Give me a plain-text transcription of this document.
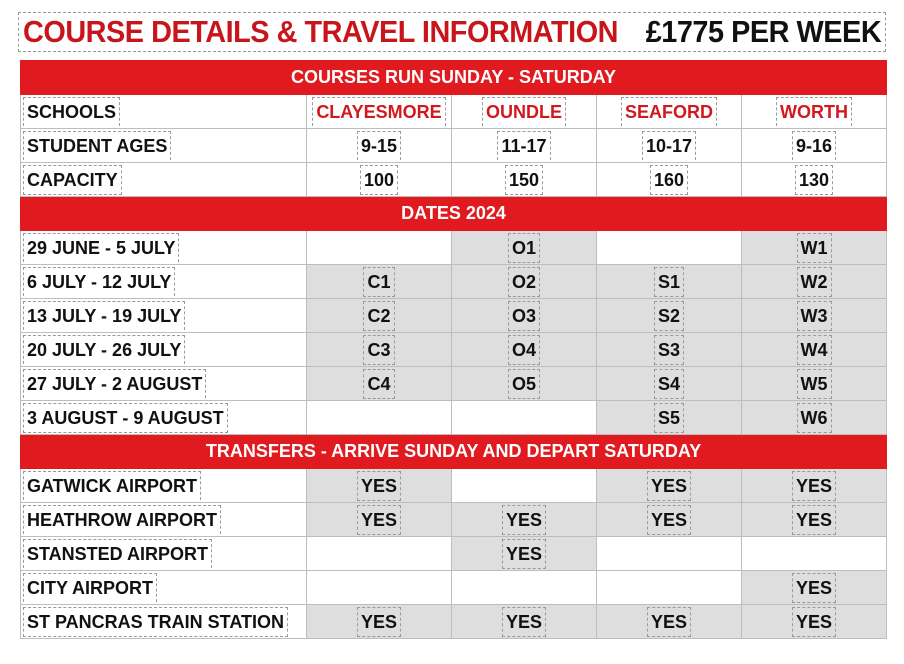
COURSE DETAILS & TRAVEL INFORMATION £1775 PER WEEK
COURSES RUN SUNDAY - SATURDAY				
SCHOOLS	CLAYESMORE	OUNDLE	SEAFORD	WORTH
STUDENT AGES	9-15	11-17	10-17	9-16
CAPACITY	100	150	160	130
DATES 2024				
29 JUNE - 5 JULY		O1		W1
6 JULY - 12 JULY	C1	O2	S1	W2
13 JULY - 19 JULY	C2	O3	S2	W3
20 JULY - 26 JULY	C3	O4	S3	W4
27 JULY - 2 AUGUST	C4	O5	S4	W5
3 AUGUST - 9 AUGUST			S5	W6
TRANSFERS - ARRIVE SUNDAY AND DEPART SATURDAY				
GATWICK AIRPORT	YES		YES	YES
HEATHROW AIRPORT	YES	YES	YES	YES
STANSTED AIRPORT		YES		
CITY AIRPORT				YES
ST PANCRAS TRAIN STATION	YES	YES	YES	YES
